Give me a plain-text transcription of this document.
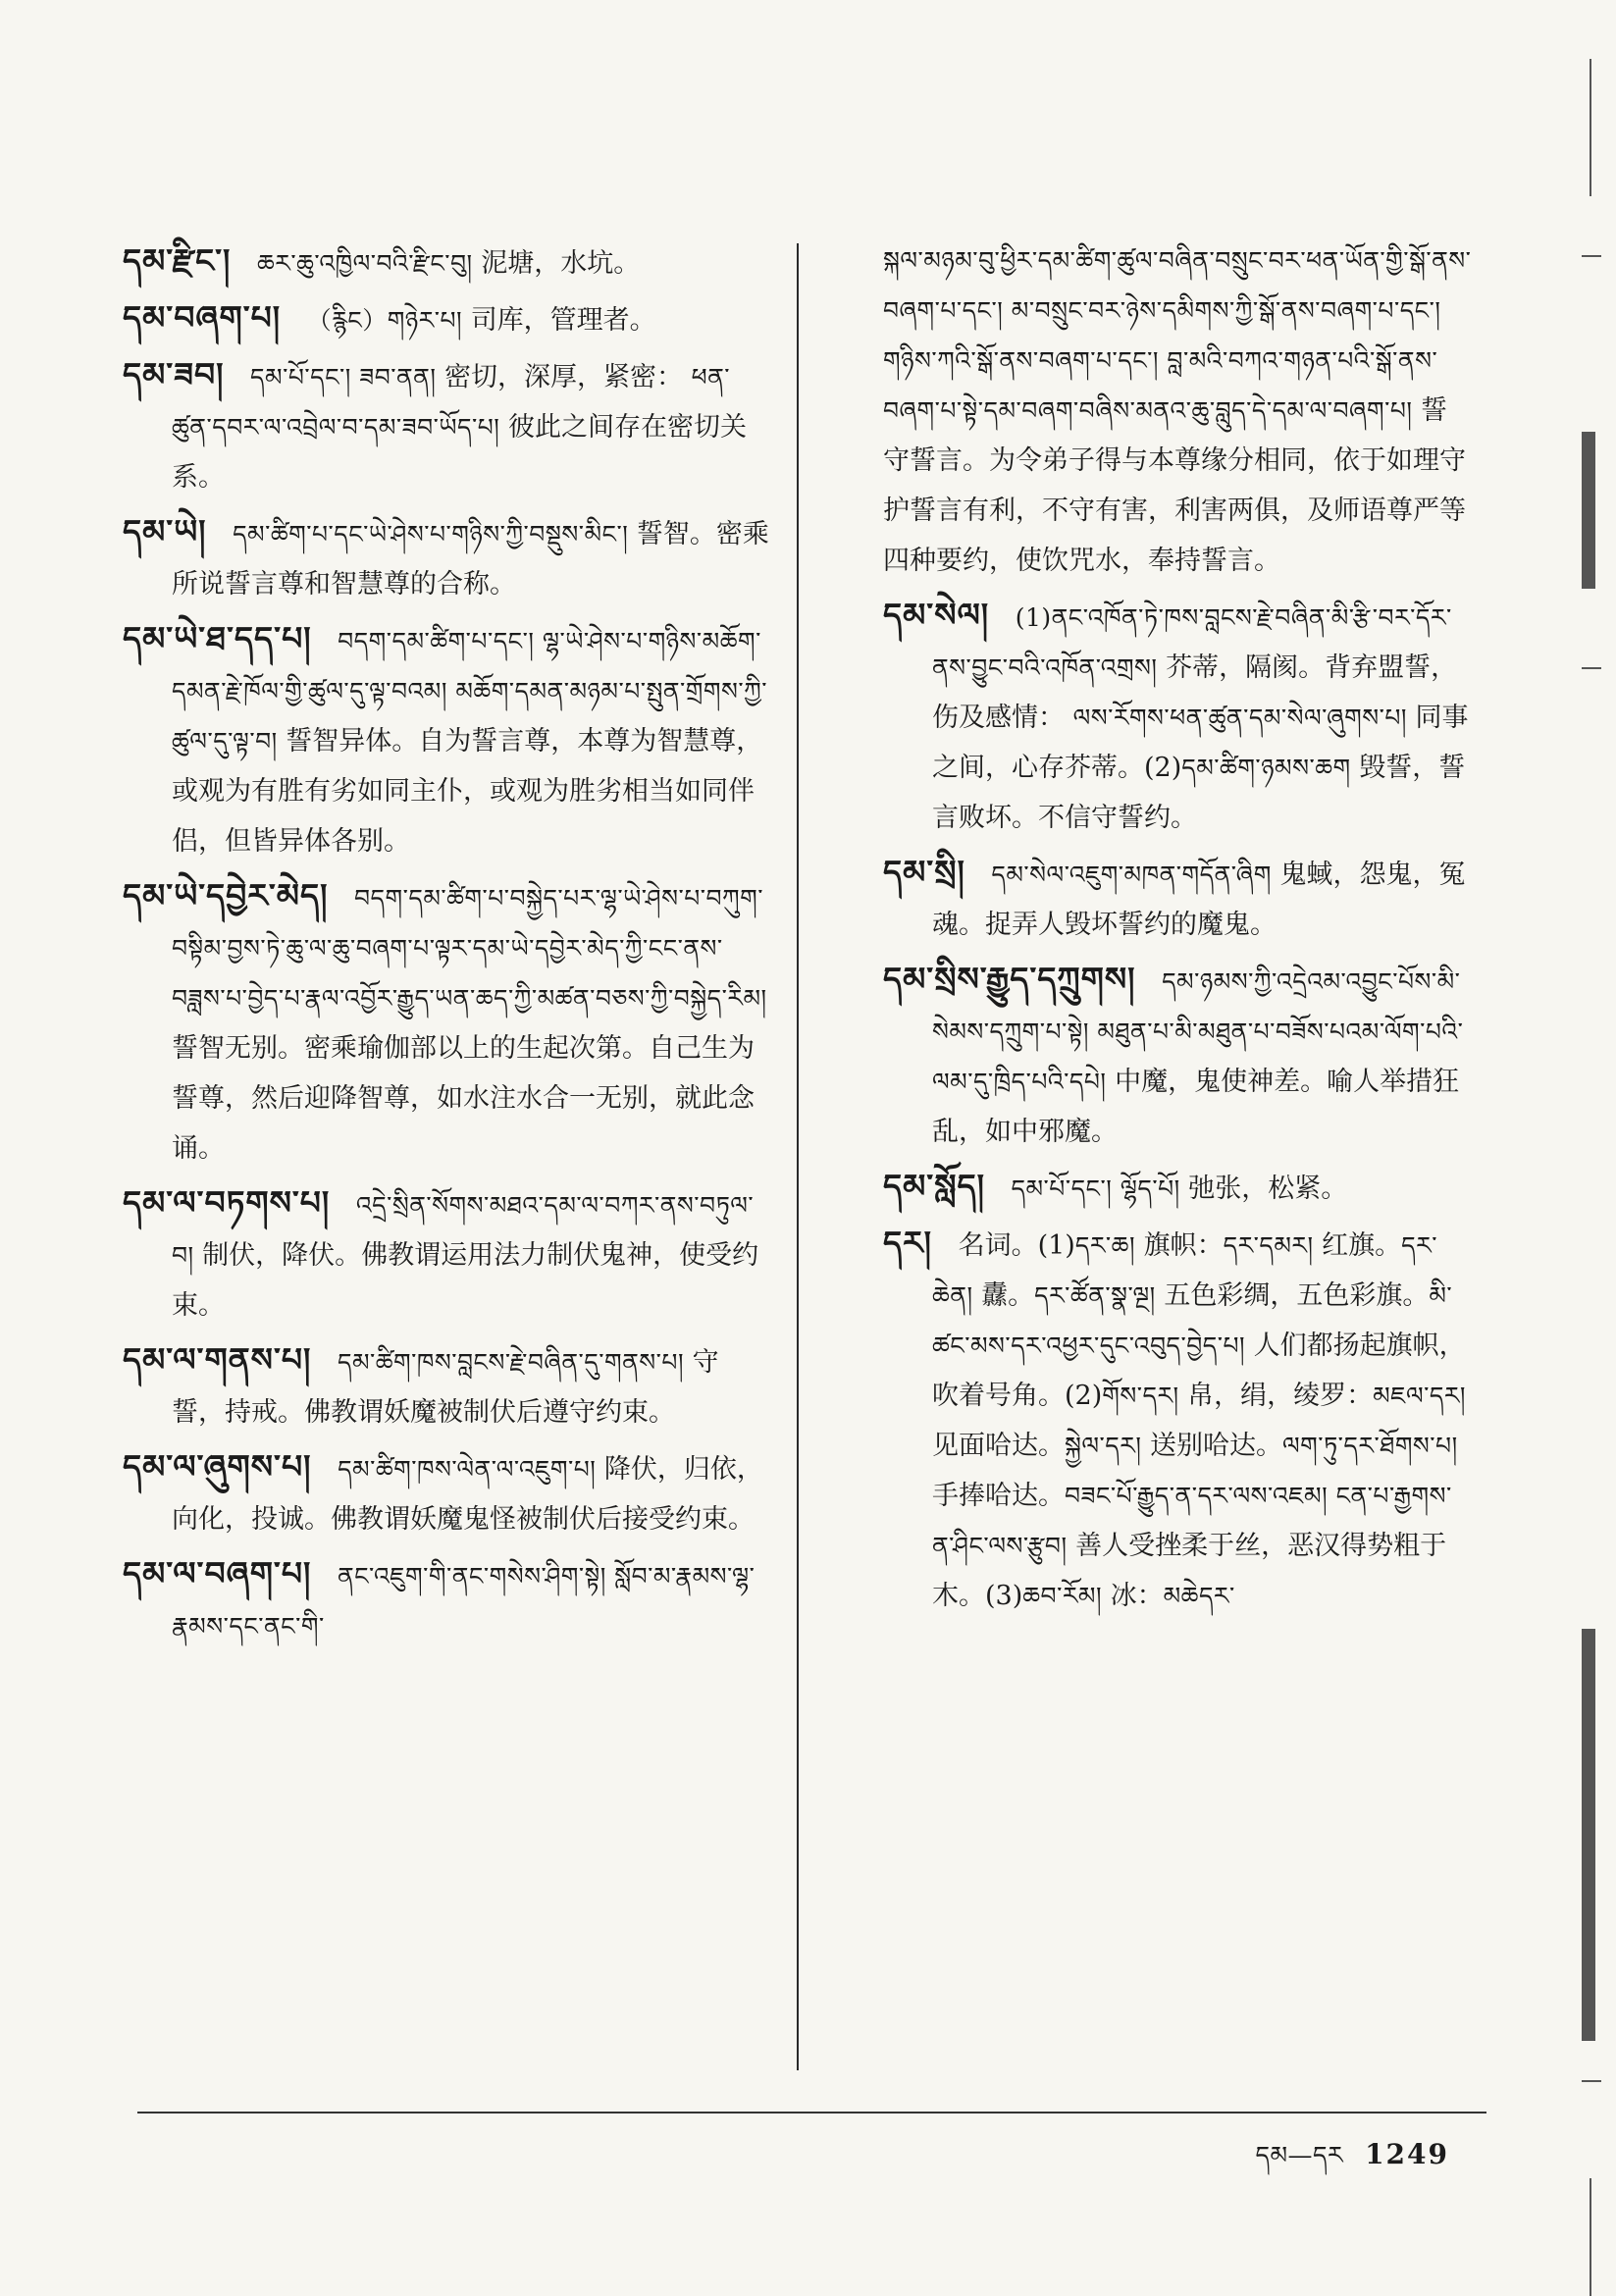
དམ་རྫིང་། ཆར་ཆུ་འཁྱིལ་བའི་རྫིང་བུ། 泥塘，水坑。

དམ་བཞག་པ། （རྙིང）གཉེར་པ། 司库，管理者。

དམ་ཟབ། དམ་པོ་དང་། ཟབ་ནན། 密切，深厚，紧密： ཕན་ཚུན་དབར་ལ་འབྲེལ་བ་དམ་ཟབ་ཡོད་པ། 彼此之间存在密切关系。

དམ་ཡེ། དམ་ཚིག་པ་དང་ཡེ་ཤེས་པ་གཉིས་ཀྱི་བསྡུས་མིང་། 誓智。密乘所说誓言尊和智慧尊的合称。

དམ་ཡེ་ཐ་དད་པ། བདག་དམ་ཚིག་པ་དང་། ལྷ་ཡེ་ཤེས་པ་གཉིས་མཆོག་དམན་རྗེ་ཁོལ་གྱི་ཚུལ་དུ་ལྟ་བའམ། མཆོག་དམན་མཉམ་པ་སྤུན་གྲོགས་ཀྱི་ཚུལ་དུ་ལྟ་བ། 誓智异体。自为誓言尊，本尊为智慧尊，或观为有胜有劣如同主仆，或观为胜劣相当如同伴侣，但皆异体各别。

དམ་ཡེ་དབྱེར་མེད། བདག་དམ་ཚིག་པ་བསྐྱེད་པར་ལྷ་ཡེ་ཤེས་པ་བཀུག་བསྟིམ་བྱས་ཏེ་ཆུ་ལ་ཆུ་བཞག་པ་ལྟར་དམ་ཡེ་དབྱེར་མེད་ཀྱི་ངང་ནས་བཟླས་པ་བྱེད་པ་རྣལ་འབྱོར་རྒྱུད་ཡན་ཆད་ཀྱི་མཚན་བཅས་ཀྱི་བསྐྱེད་རིམ། 誓智无别。密乘瑜伽部以上的生起次第。自己生为誓尊，然后迎降智尊，如水注水合一无别，就此念诵。

དམ་ལ་བཏགས་པ། འདྲེ་སྲིན་སོགས་མཐའ་དམ་ལ་བཀར་ནས་བཏུལ་བ། 制伏，降伏。佛教谓运用法力制伏鬼神，使受约束。

དམ་ལ་གནས་པ། དམ་ཚིག་ཁས་བླངས་རྗེ་བཞིན་དུ་གནས་པ། 守誓，持戒。佛教谓妖魔被制伏后遵守约束。

དམ་ལ་ཞུགས་པ། དམ་ཚིག་ཁས་ལེན་ལ་འཇུག་པ། 降伏，归依，向化，投诚。佛教谓妖魔鬼怪被制伏后接受约束。

དམ་ལ་བཞག་པ། ནང་འཇུག་གི་ནང་གསེས་ཤིག་སྟེ། སློབ་མ་རྣམས་ལྷ་རྣམས་དང་ནང་གི་

སྐལ་མཉམ་བུ་ཕྱིར་དམ་ཚིག་ཚུལ་བཞིན་བསྲུང་བར་ཕན་ཡོན་གྱི་སྒོ་ནས་བཞག་པ་དང་། མ་བསྲུང་བར་ཉེས་དམིགས་ཀྱི་སྒོ་ནས་བཞག་པ་དང་། གཉིས་ཀའི་སྒོ་ནས་བཞག་པ་དང་། བླ་མའི་བཀའ་གཉན་པའི་སྒོ་ནས་བཞག་པ་སྟེ་དམ་བཞག་བཞིས་མནའ་ཆུ་བླུད་དེ་དམ་ལ་བཞག་པ། 誓守誓言。为令弟子得与本尊缘分相同，依于如理守护誓言有利，不守有害，利害两俱，及师语尊严等四种要约，使饮咒水，奉持誓言。

དམ་སེལ། (1)ནང་འཁོན་ཏེ་ཁས་བླངས་རྗེ་བཞིན་མི་རྩི་བར་དོར་ནས་བྱུང་བའི་འཁོན་འགྲས། 芥蒂，隔阂。背弃盟誓，伤及感情： ལས་རོགས་ཕན་ཚུན་དམ་སེལ་ཞུགས་པ། 同事之间，心存芥蒂。(2)དམ་ཚིག་ཉམས་ཆག 毁誓，誓言败坏。不信守誓约。

དམ་སྲི། དམ་སེལ་འཇུག་མཁན་གདོན་ཞིག 鬼蜮，怨鬼，冤魂。捉弄人毁坏誓约的魔鬼。

དམ་སྲིས་རྒྱུད་དཀྲུགས། དམ་ཉམས་ཀྱི་འདྲེའམ་འབྱུང་པོས་མི་སེམས་དཀྲུག་པ་སྟེ། མཐུན་པ་མི་མཐུན་པ་བཟོས་པའམ་ལོག་པའི་ལམ་དུ་ཁྲིད་པའི་དཔེ། 中魔，鬼使神差。喻人举措狂乱，如中邪魔。

དམ་སློད། དམ་པོ་དང་། ལྷོད་པོ། 弛张，松紧。

དར། 名词。(1)དར་ཆ། 旗帜：དར་དམར། 红旗。དར་ཆེན། 纛。དར་ཚོན་སྣ་ལྔ། 五色彩绸，五色彩旗。མི་ཚང་མས་དར་འཕྱར་དུང་འབུད་བྱེད་པ། 人们都扬起旗帜，吹着号角。(2)གོས་དར། 帛，绢，绫罗：མཇལ་དར། 见面哈达。སྐྱེལ་དར། 送别哈达。ལག་ཏུ་དར་ཐོགས་པ། 手捧哈达。བཟང་པོ་རྒྱུད་ན་དར་ལས་འཇམ། ངན་པ་རྒྱགས་ན་ཤིང་ལས་རྩུབ། 善人受挫柔于丝，恶汉得势粗于木。(3)ཆབ་རོམ། 冰：མཆེདར་

དམ—དར 1249
